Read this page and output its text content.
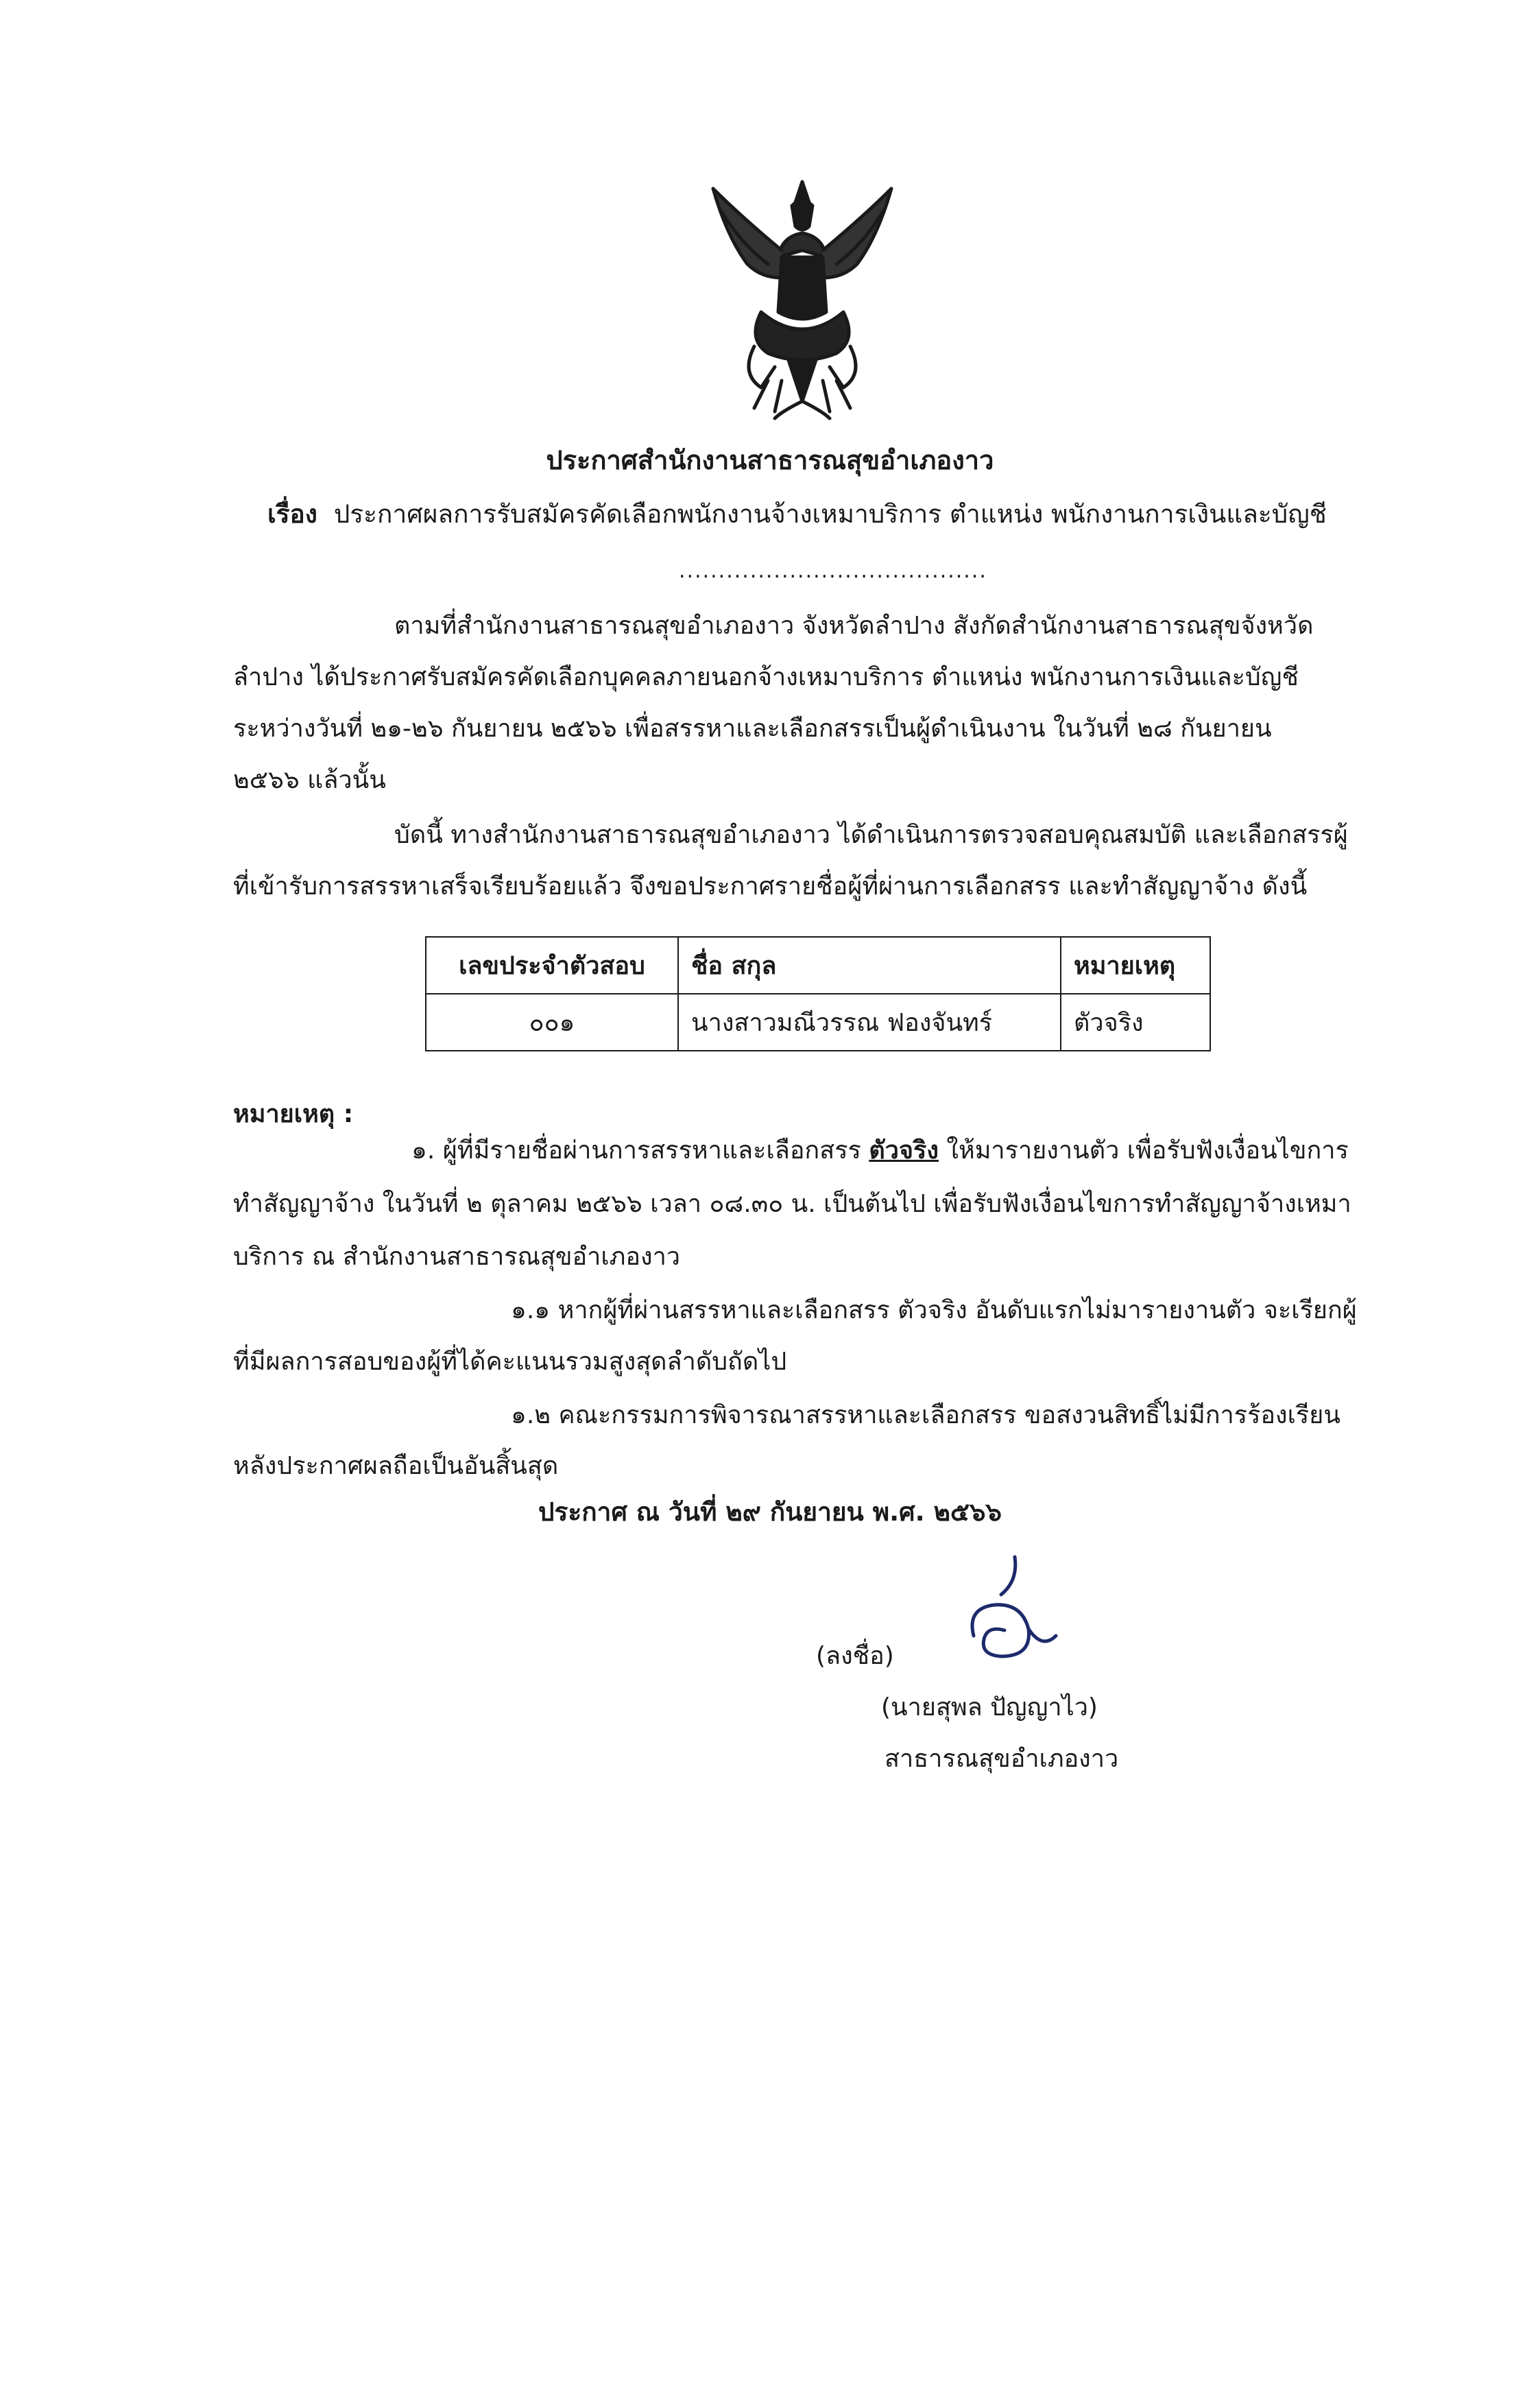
ประกาศสำนักงานสาธารณสุขอำเภองาว
เรื่อง ประกาศผลการรับสมัครคัดเลือกพนักงานจ้างเหมาบริการ ตำแหน่ง พนักงานการเงินและบัญชี
.......................................
ตามที่สำนักงานสาธารณสุขอำเภองาว จังหวัดลำปาง สังกัดสำนักงานสาธารณสุขจังหวัด
ลำปาง ได้ประกาศรับสมัครคัดเลือกบุคคลภายนอกจ้างเหมาบริการ ตำแหน่ง พนักงานการเงินและบัญชี
ระหว่างวันที่ ๒๑-๒๖ กันยายน ๒๕๖๖ เพื่อสรรหาและเลือกสรรเป็นผู้ดำเนินงาน ในวันที่ ๒๘ กันยายน
๒๕๖๖ แล้วนั้น
บัดนี้ ทางสำนักงานสาธารณสุขอำเภองาว ได้ดำเนินการตรวจสอบคุณสมบัติ และเลือกสรรผู้
ที่เข้ารับการสรรหาเสร็จเรียบร้อยแล้ว จึงขอประกาศรายชื่อผู้ที่ผ่านการเลือกสรร และทำสัญญาจ้าง ดังนี้
เลขประจำตัวสอบ	ชื่อ สกุล	หมายเหตุ
๐๐๑	นางสาวมณีวรรณ ฟองจันทร์	ตัวจริง
หมายเหตุ :
๑. ผู้ที่มีรายชื่อผ่านการสรรหาและเลือกสรร ตัวจริง ให้มารายงานตัว เพื่อรับฟังเงื่อนไขการ
ทำสัญญาจ้าง ในวันที่ ๒ ตุลาคม ๒๕๖๖ เวลา ๐๘.๓๐ น. เป็นต้นไป เพื่อรับฟังเงื่อนไขการทำสัญญาจ้างเหมา
บริการ ณ สำนักงานสาธารณสุขอำเภองาว
๑.๑ หากผู้ที่ผ่านสรรหาและเลือกสรร ตัวจริง อันดับแรกไม่มารายงานตัว จะเรียกผู้
ที่มีผลการสอบของผู้ที่ได้คะแนนรวมสูงสุดลำดับถัดไป
๑.๒ คณะกรรมการพิจารณาสรรหาและเลือกสรร ขอสงวนสิทธิ์ไม่มีการร้องเรียน
หลังประกาศผลถือเป็นอันสิ้นสุด
ประกาศ ณ วันที่ ๒๙ กันยายน พ.ศ. ๒๕๖๖
(ลงชื่อ)
(นายสุพล ปัญญาไว)
สาธารณสุขอำเภองาว
